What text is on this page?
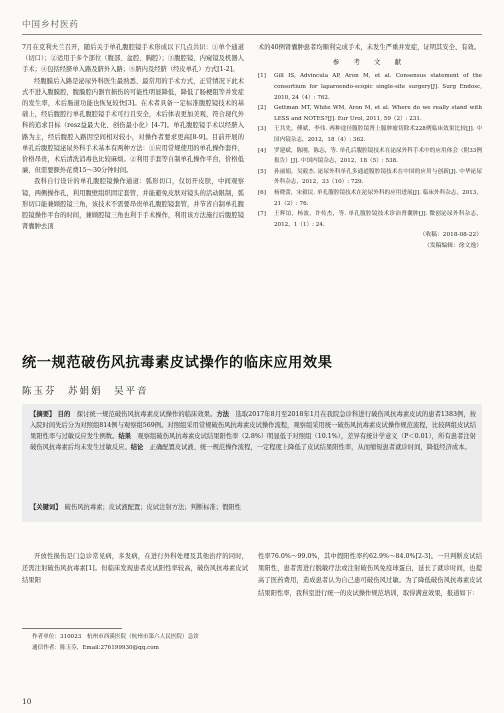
中国乡村医药

7月在克利夫兰召开，随后关于单孔腹腔镜手术形成以下几点共识：①单个通道（切口）；②适用于多个部位（腹部、盆腔、胸腔）；③腹腔镜、内窥镜及机器人手术；④包括经脐单入路及脐外入路；⑤脐内及经脐（经皮单孔）方式[1-2]。

经腹膜后入路是泌尿外科医生最熟悉、最常用的手术方式，正常情况下此术式不进入腹膜腔，腹膜腔内器官损伤的可能性明显降低，降低了肠梗阻等并发症的发生率，术后肠道功能也恢复较快[3]。在术者具备一定标准腹腔镜技术的基础上，经后腹腔行单孔腹腔镜手术可行且安全，术后体表更加美观，符合现代外科的追求目标（resz益最大化、创伤最小化）[4-7]。单孔腹腔镜手术以经脐入路为主，经后腹腔入路因空间相对较小，对操作者要求更高[8-9]。目前开展的单孔后腹腔镜泌尿外科手术基本有两种方法：①应用常规使用的单孔操作套件，价格昂贵，术后清洗消毒也比较麻烦。②利用手套等自制单孔操作平台，价格低廉，但需要额外花费15～30分钟时间。

我科自行设计的单孔腹腔镜操作通道：弧形切口，仅切开皮肤，中间观察镜，两侧操作孔，利用腹壁组织固定套管，并能避免皮肤对镜头的活动限制，弧形切口能兼顾腔镜三角，该技术不需要昂贵单孔腹腔镜套管，并节省自制单孔腹腔镜操作平台的时间，兼顾腔镜三角也利于手术操作，利用该方法施行后腹腔镜肾囊肿去顶

术的40例肾囊肿患者均顺利完成手术，未发生严重并发症，证明其安全、有效。

参 考 文 献
[1]	Gill IS, Advincula AP, Aron M, et al. Consensus statement of the consortium for laparoendo-scopic single-site surgery[J]. Surg Endosc, 2010, 24（4）: 762.
[2]	Gettman MT, White WM, Aron M, et al. Where do we really stand with LESS and NOTES?[J]. Eur Urol, 2011, 59（2）: 231.
[3]	王共先，傅斌，李伟. 两种途径腹腔镜肾上腺肿瘤切除术228例临床效果比较[J]. 中国内镜杂志，2012，18（4）: 362.
[4]	罗建斌，陈刚，陈志，等. 单孔后腹腔镜技术在泌尿外科手术中的应用体会（附33例报告）[J]. 中国内镜杂志，2012，18（5）: 538.
[5]	孙丽娟，吴毅杰. 泌尿外科单孔多通道腹腔镜技术在中国的应用与创新[J]. 中华泌尿外科杂志，2012，33（10）: 729.
[6]	杨晓蕾，宋毅民. 单孔腹腔镜技术在泌尿外科的应用进展[J]. 临床外科杂志，2013，21（2）: 76.
[7]	王辉谊，杨波，许传杰，等. 单孔腹腔镜技术诊治肾囊肿[J]. 微创泌尿外科杂志，2012，1（1）: 24.
（收稿：2018-08-22）
（发稿编辑：徐文逸）
统一规范破伤风抗毒素皮试操作的临床应用效果
陈玉芬　苏娟娟　吴平音
【摘要】 目的　 探讨统一规范破伤风抗毒素皮试操作的临床效果。方法　 选取2017年8月至2018年1月在我院急诊科进行破伤风抗毒素皮试的患者1383例，按入院时间先后分为对照组814例与观察组569例。对照组采用常规破伤风抗毒素皮试操作流程，观察组采用统一破伤风抗毒素皮试操作规范流程，比较两组皮试结果阳性率与过敏反应发生例数。结果　 观察组破伤风抗毒素皮试结果阳性率（2.8%）明显低于对照组（10.1%），差异有统计学意义（P＜0.01），所有患者注射破伤风抗毒素后均未发生过敏反应。结论　 正确配置皮试液、统一规范操作流程，一定程度上降低了皮试结果阳性率，从而缩短患者就诊时间，降低经济成本。
【关键词】　 破伤风抗毒素；皮试液配置；皮试注射方法；判断标准；假阳性

开放性损伤是门急诊常见病，多发病，在进行外科处理及其他治疗的同时，还需注射破伤风抗毒素[1]。但临床发现患者皮试阳性率较高，破伤风抗毒素皮试结果阳

性率76.0%～99.0%，其中假阳性率约62.9%～84.0%[2-3]。一旦判断皮试结果阳性，患者需进行脱敏疗法或注射破伤风免疫球蛋白，延长了就诊时间，也提高了医药费用，造成患者认为自己患可破伤风过敏。为了降低破伤风抗毒素皮试结果阳性率，我科室进行统一的皮试操作规范培训，取得满意效果，报道如下：

作者单位：310023　杭州市西溪医院（杭州市第六人民医院）急诊

通信作者：陈玉芬，Email:276199930@qq.com

10
